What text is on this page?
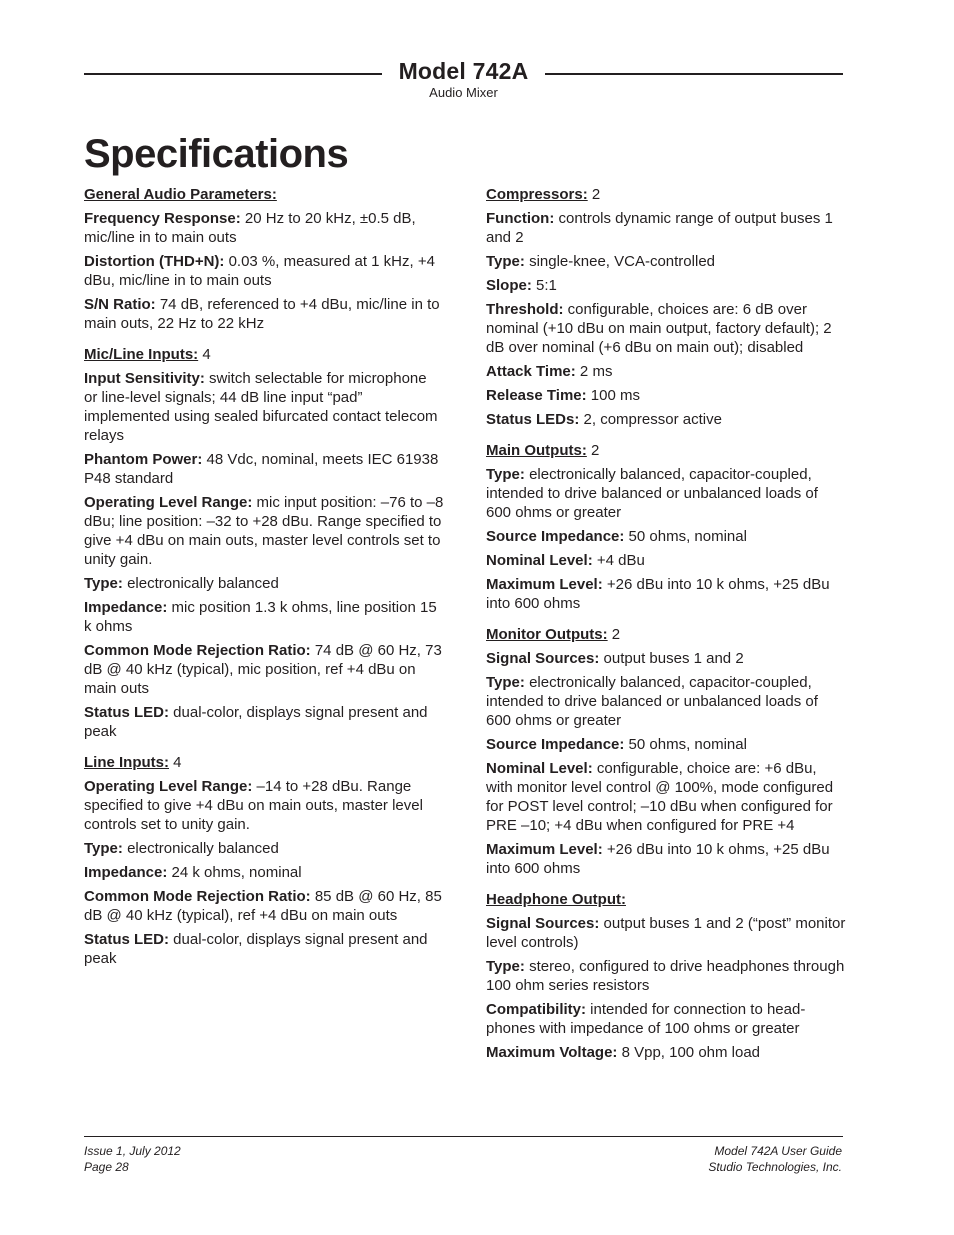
Model 742A
Audio Mixer
Specifications

General Audio Parameters:

Frequency Response: 20 Hz to 20 kHz, ±0.5 dB, mic/line in to main outs

Distortion (THD+N): 0.03 %, measured at 1 kHz, +4 dBu, mic/line in to main outs

S/N Ratio: 74 dB, referenced to +4 dBu, mic/line in to main outs, 22 Hz to 22 kHz

Mic/Line Inputs: 4

Input Sensitivity: switch selectable for microphone or line-level signals; 44 dB line input “pad” implemented using sealed bifurcated contact telecom relays

Phantom Power: 48 Vdc, nominal, meets IEC 61938 P48 standard

Operating Level Range: mic input position: –76 to –8 dBu; line position: –32 to +28 dBu. Range specified to give +4 dBu on main outs, master level controls set to unity gain.

Type: electronically balanced

Impedance: mic position 1.3 k ohms, line position 15 k ohms

Common Mode Rejection Ratio: 74 dB @ 60 Hz, 73 dB @ 40 kHz (typical), mic position, ref +4 dBu on main outs

Status LED: dual-color, displays signal present and peak

Line Inputs: 4

Operating Level Range: –14 to +28 dBu. Range specified to give +4 dBu on main outs, master level controls set to unity gain.

Type: electronically balanced

Impedance: 24 k ohms, nominal

Common Mode Rejection Ratio: 85 dB @ 60 Hz, 85 dB @ 40 kHz (typical), ref +4 dBu on main outs

Status LED: dual-color, displays signal present and peak

Compressors: 2

Function: controls dynamic range of output buses 1 and 2

Type: single-knee, VCA-controlled

Slope: 5:1

Threshold: configurable, choices are: 6 dB over nominal (+10 dBu on main output, factory default); 2 dB over nominal (+6 dBu on main out); disabled

Attack Time: 2 ms

Release Time: 100 ms

Status LEDs: 2, compressor active

Main Outputs: 2

Type: electronically balanced, capacitor-coupled, intended to drive balanced or unbalanced loads of 600 ohms or greater

Source Impedance: 50 ohms, nominal

Nominal Level: +4 dBu

Maximum Level: +26 dBu into 10 k ohms, +25 dBu into 600 ohms

Monitor Outputs: 2

Signal Sources: output buses 1 and 2

Type: electronically balanced, capacitor-coupled, intended to drive balanced or unbalanced loads of 600 ohms or greater

Source Impedance: 50 ohms, nominal

Nominal Level: configurable, choice are: +6 dBu, with monitor level control @ 100%, mode configured for POST level control; –10 dBu when configured for PRE –10; +4 dBu when configured for PRE +4

Maximum Level: +26 dBu into 10 k ohms, +25 dBu into 600 ohms

Headphone Output:

Signal Sources: output buses 1 and 2 (“post” monitor level controls)

Type: stereo, configured to drive headphones through 100 ohm series resistors

Compatibility: intended for connection to headphones with impedance of 100 ohms or greater

Maximum Voltage: 8 Vpp, 100 ohm load

Issue 1, July 2012
Page 28
Model 742A User Guide
Studio Technologies, Inc.
